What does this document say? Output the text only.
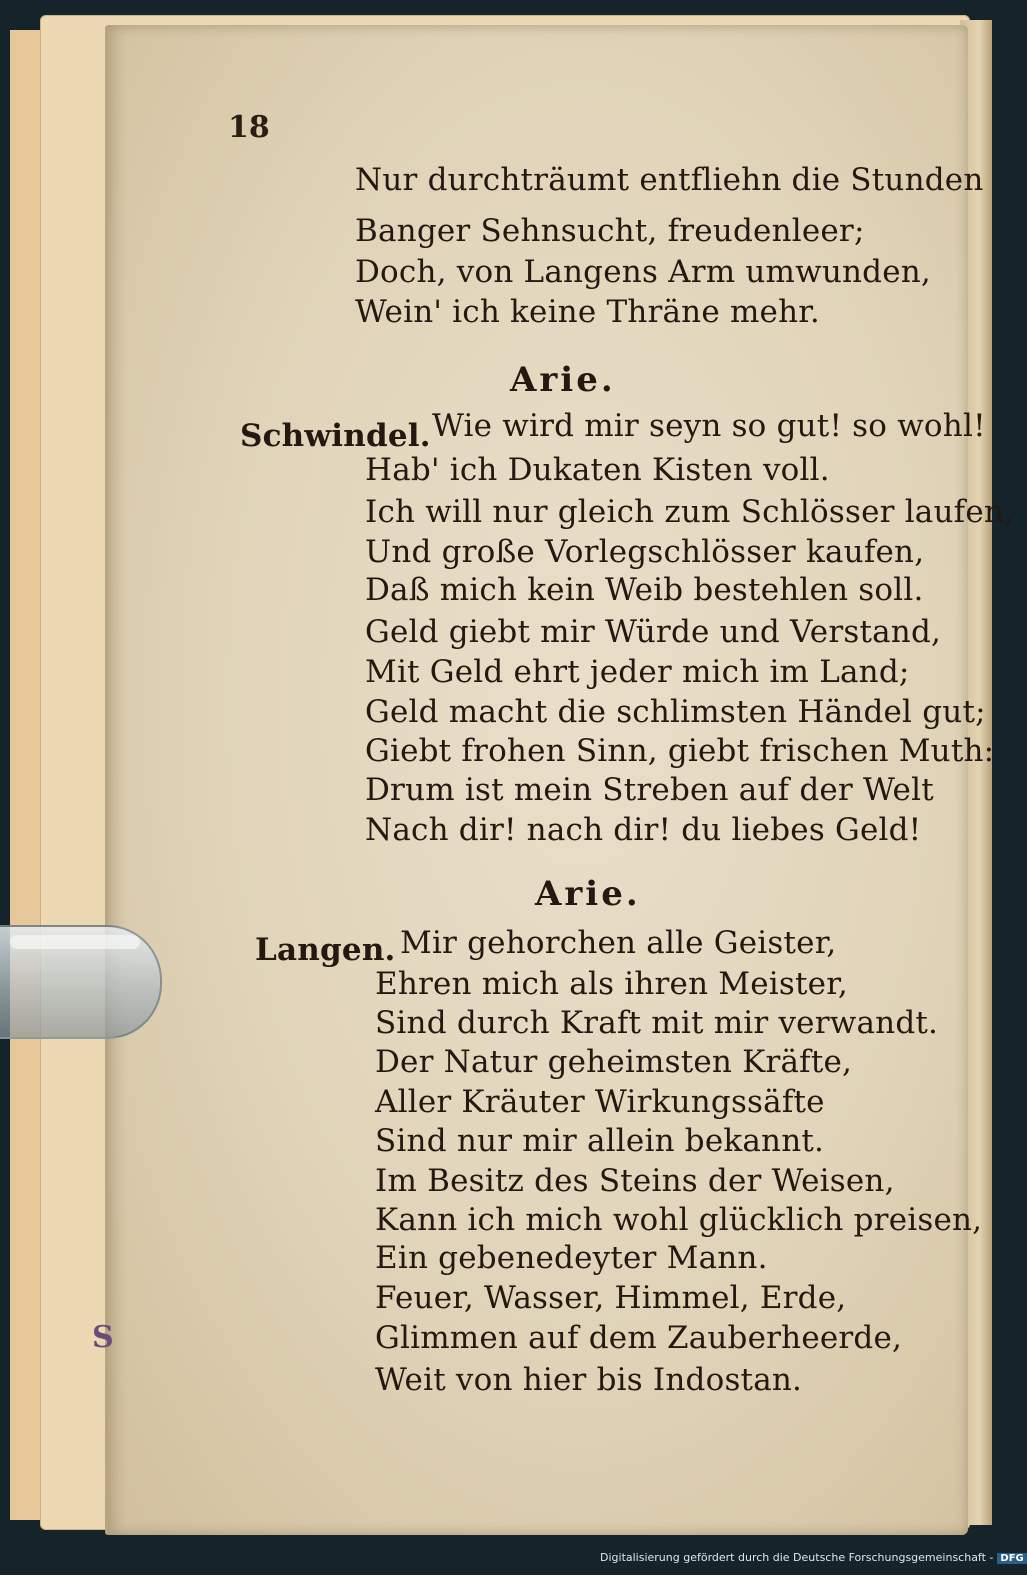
18
Nur durchträumt entfliehn die Stunden
Banger Sehnsucht, freudenleer;
Doch, von Langens Arm umwunden,
Wein' ich keine Thräne mehr.
Arie.
Schwindel. Wie wird mir seyn so gut! so wohl!
Hab' ich Dukaten Kisten voll.
Ich will nur gleich zum Schlösser laufen,
Und große Vorlegschlösser kaufen,
Daß mich kein Weib bestehlen soll.
Geld giebt mir Würde und Verstand,
Mit Geld ehrt jeder mich im Land;
Geld macht die schlimsten Händel gut;
Giebt frohen Sinn, giebt frischen Muth:
Drum ist mein Streben auf der Welt
Nach dir! nach dir! du liebes Geld!
Arie.
Langen. Mir gehorchen alle Geister,
Ehren mich als ihren Meister,
Sind durch Kraft mit mir verwandt.
Der Natur geheimsten Kräfte,
Aller Kräuter Wirkungssäfte
Sind nur mir allein bekannt.
Im Besitz des Steins der Weisen,
Kann ich mich wohl glücklich preisen,
Ein gebenedeyter Mann.
Feuer, Wasser, Himmel, Erde,
Glimmen auf dem Zauberheerde,
Weit von hier bis Indostan.
S
Digitalisierung gefördert durch die Deutsche Forschungsgemeinschaft - DFG
